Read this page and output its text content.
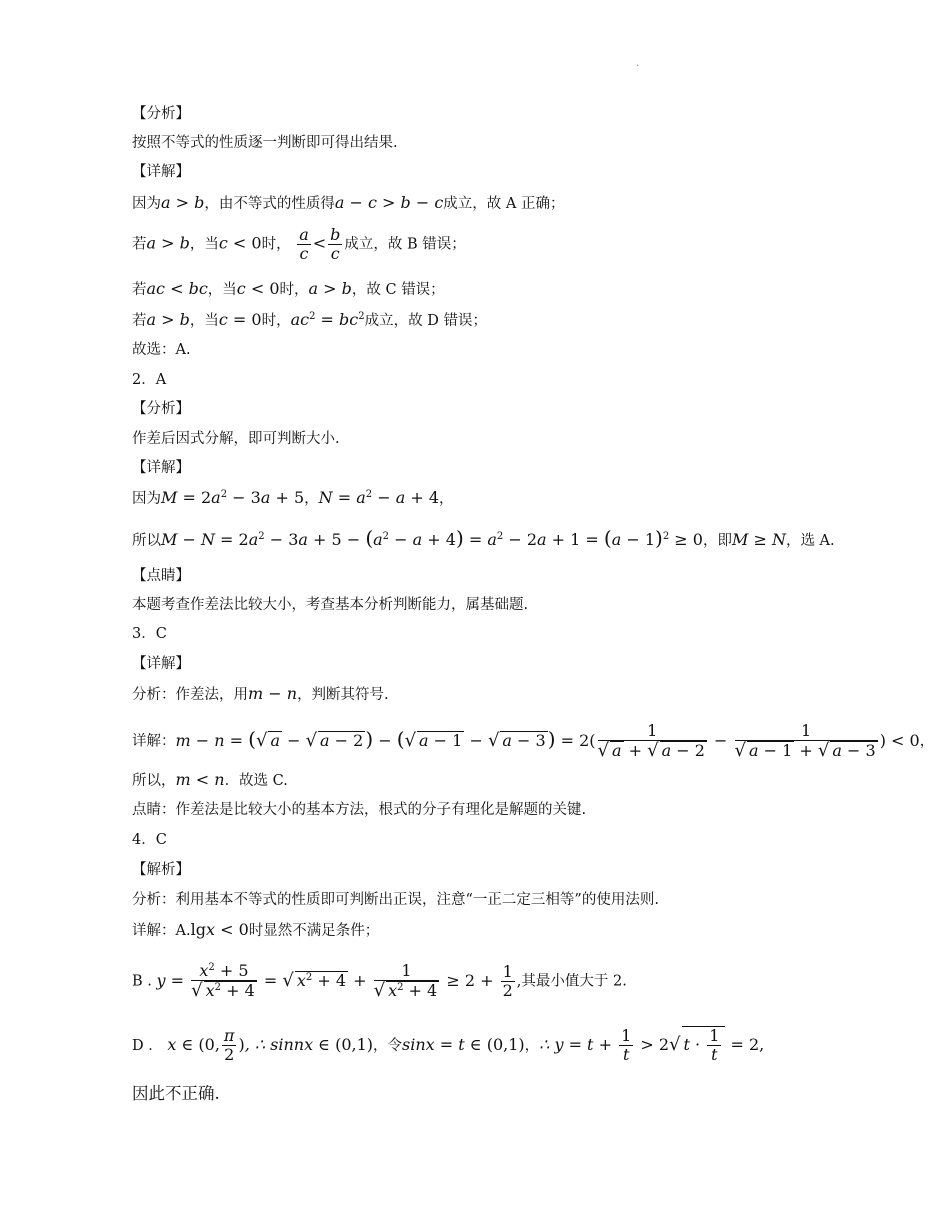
.
【分析】
按照不等式的性质逐一判断即可得出结果.
【详解】
因为a > b，由不等式的性质得a − c > b − c成立，故 A 正确；
若a > b，当c < 0时， $\frac{a}{c} < \frac{b}{c}$ 成立，故 B 错误；
若ac < bc，当c < 0时，a > b，故 C 错误；
若a > b，当c = 0时，$ac^2 = bc^2$成立，故 D 错误；
故选：A.
2．A
【分析】
作差后因式分解，即可判断大小.
【详解】
因为$M = 2a^2 - 3a + 5$，$N = a^2 - a + 4$，
所以$M - N = 2a^2 - 3a + 5 - (a^2 - a + 4) = a^2 - 2a + 1 = (a - 1)^2 \ge 0$，即M ≥ N，选 A.
【点睛】
本题考查作差法比较大小，考查基本分析判断能力，属基础题.
3．C
【详解】
分析：作差法，用m − n，判断其符号.
详解：m − n = (√ a − √ a − 2 ) − (√ a − 1 − √ a − 3 ) = $2( \frac{1}{√ a + √ a - 2} - \frac{1}{√ a - 1 + √ a - 3}$ ) < 0，
所以，m < n．故选 C.
点睛：作差法是比较大小的基本方法，根式的分子有理化是解题的关键.
4．C
【解析】
分析：利用基本不等式的性质即可判断出正误，注意“一正二定三相等”的使用法则.
详解：A.lgx < 0时显然不满足条件；
B . $y = \frac{x^2 + 5}{√ x^2 + 4}$ = √ $x^2 + 4 + \frac{1}{√ x^2 + 4} \ge 2 + \frac{1}{2}$ ,其最小值大于 2.
D ． x ∈ (0, $\frac{\pi}{2}$ ), ∴ sinnx ∈ (0,1)，令sinx = t ∈ (0,1)，∴ $y = t + \frac{1}{t} > 2√$ $t \cdot \frac{1}{t} = 2$,
因此不正确.
